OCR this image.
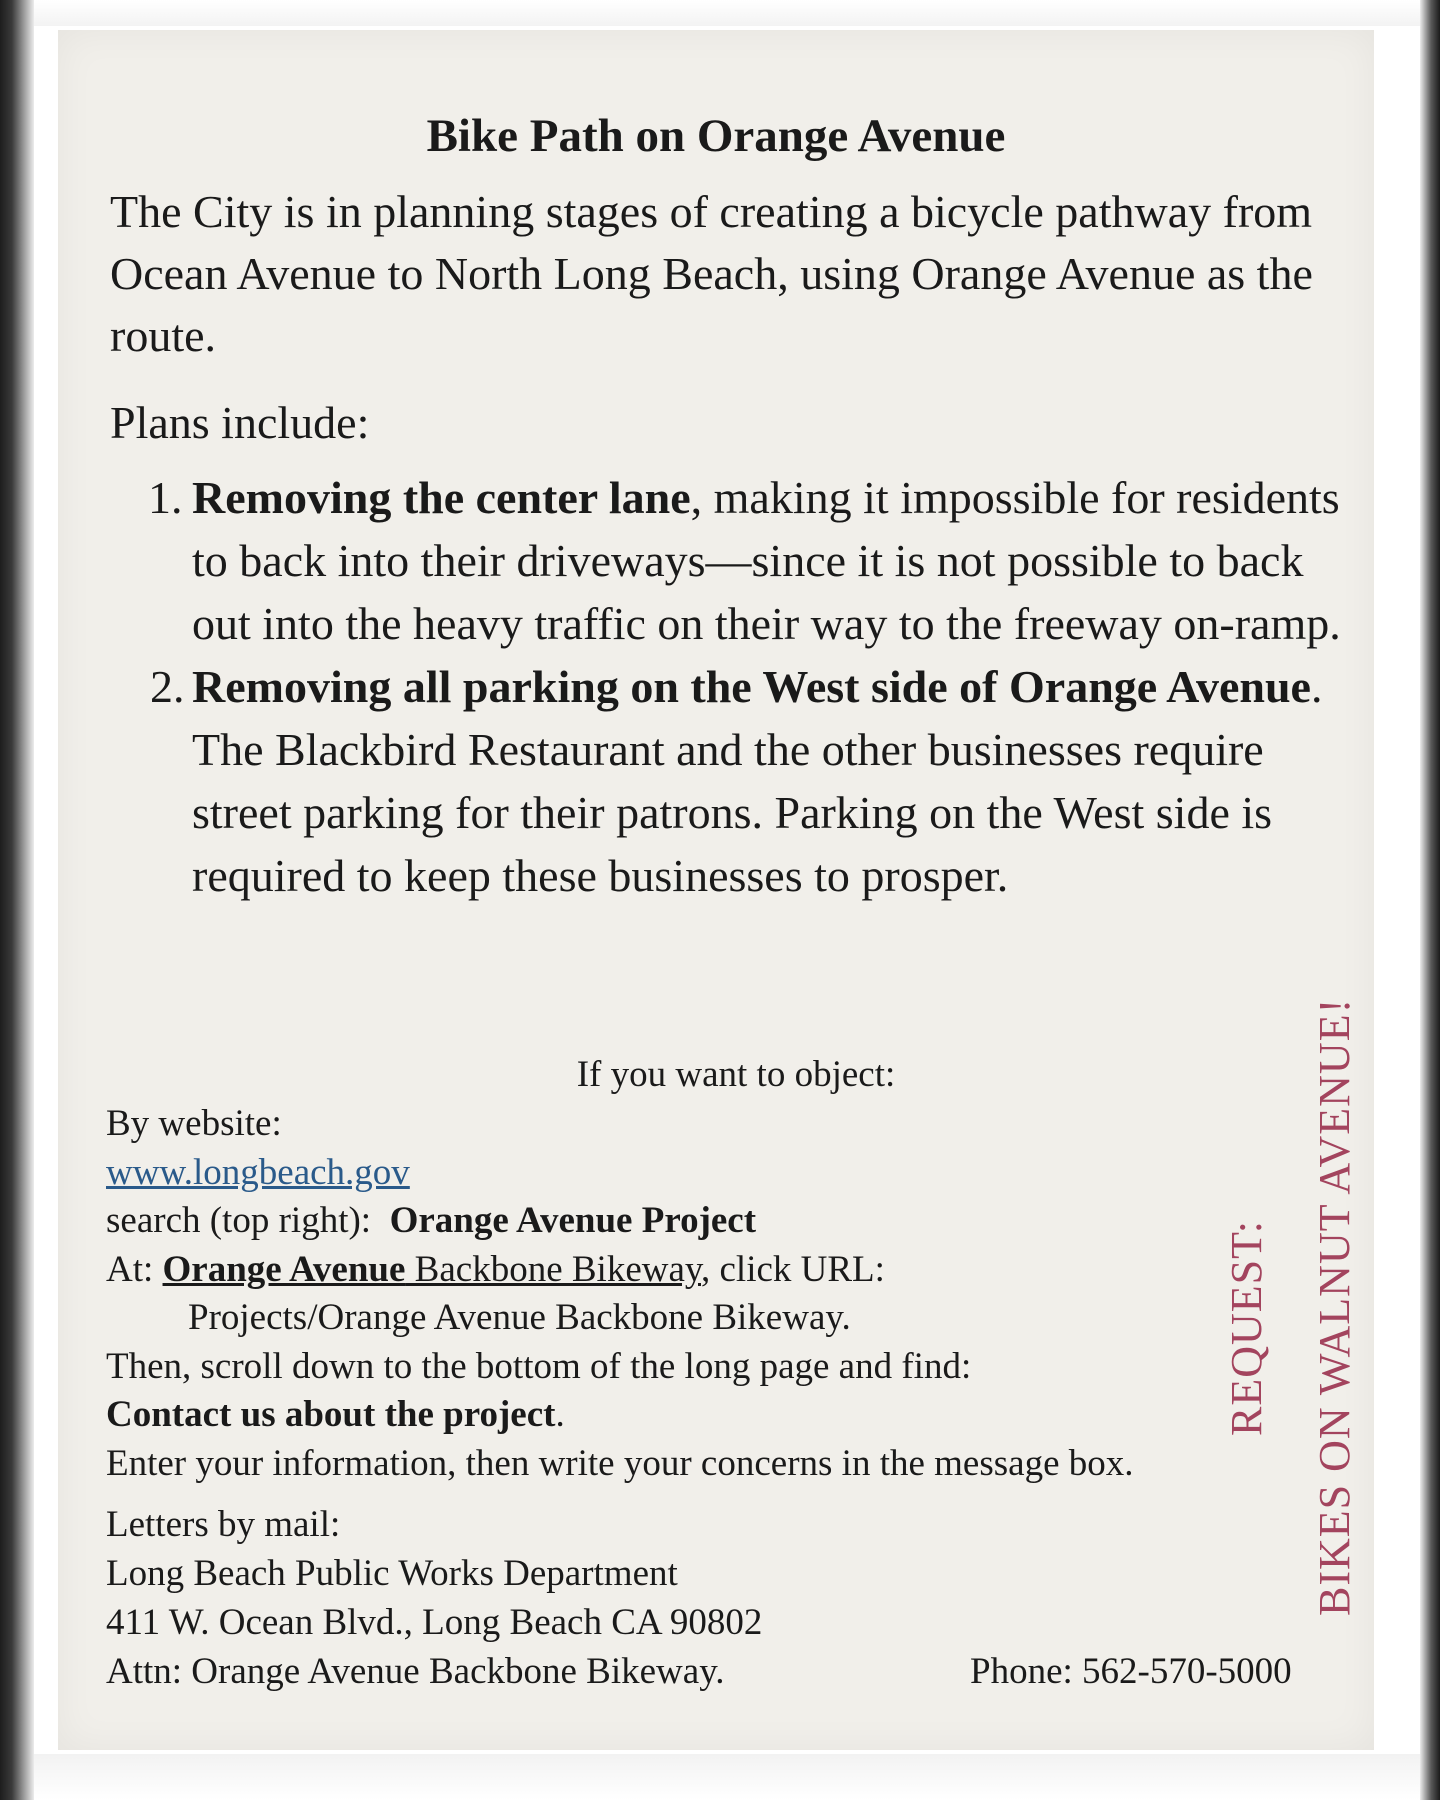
Bike Path on Orange Avenue

The City is in planning stages of creating a bicycle pathway from Ocean Avenue to North Long Beach, using Orange Avenue as the route.

Plans include:

1. Removing the center lane, making it impossible for residents to back into their driveways—since it is not possible to back out into the heavy traffic on their way to the freeway on-ramp.
2. Removing all parking on the West side of Orange Avenue. The Blackbird Restaurant and the other businesses require street parking for their patrons. Parking on the West side is required to keep these businesses to prosper.

If you want to object:

By website:
www.longbeach.gov
search (top right): Orange Avenue Project
At: Orange Avenue Backbone Bikeway, click URL:
Projects/Orange Avenue Backbone Bikeway.
Then, scroll down to the bottom of the long page and find:
Contact us about the project.
Enter your information, then write your concerns in the message box.
Letters by mail:
Long Beach Public Works Department
411 W. Ocean Blvd., Long Beach CA 90802
Attn: Orange Avenue Backbone Bikeway.	Phone: 562-570-5000
REQUEST: BIKES ON WALNUT AVENUE!
